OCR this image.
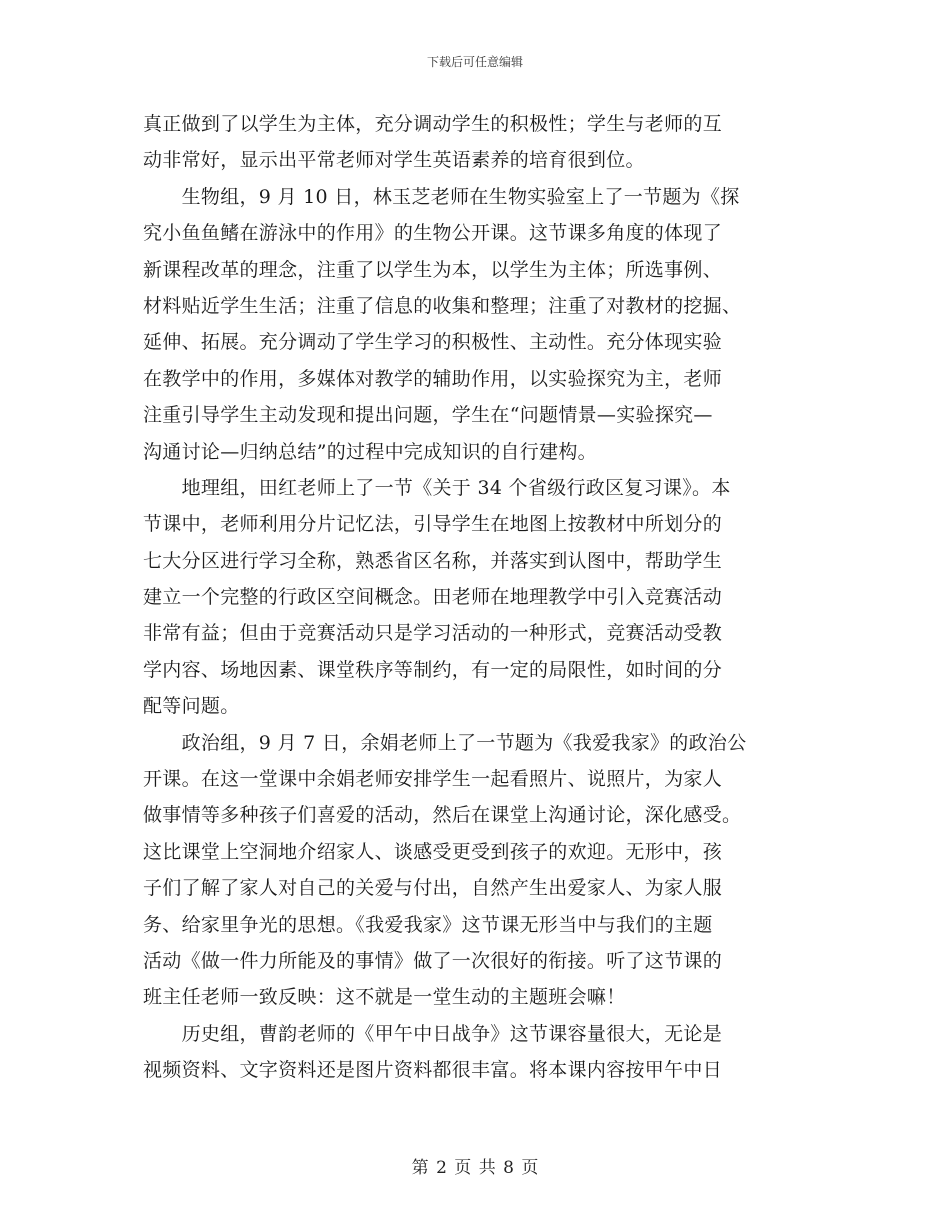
下载后可任意编辑
真正做到了以学生为主体，充分调动学生的积极性；学生与老师的互
动非常好，显示出平常老师对学生英语素养的培育很到位。
　　生物组，9 月 10 日，林玉芝老师在生物实验室上了一节题为《探
究小鱼鱼鳍在游泳中的作用》的生物公开课。这节课多角度的体现了
新课程改革的理念，注重了以学生为本，以学生为主体；所选事例、
材料贴近学生生活；注重了信息的收集和整理；注重了对教材的挖掘、
延伸、拓展。充分调动了学生学习的积极性、主动性。充分体现实验
在教学中的作用，多媒体对教学的辅助作用，以实验探究为主，老师
注重引导学生主动发现和提出问题，学生在“问题情景—实验探究—
沟通讨论—归纳总结”的过程中完成知识的自行建构。
　　地理组，田红老师上了一节《关于 34 个省级行政区复习课》。本
节课中，老师利用分片记忆法，引导学生在地图上按教材中所划分的
七大分区进行学习全称，熟悉省区名称，并落实到认图中，帮助学生
建立一个完整的行政区空间概念。田老师在地理教学中引入竞赛活动
非常有益；但由于竞赛活动只是学习活动的一种形式，竞赛活动受教
学内容、场地因素、课堂秩序等制约，有一定的局限性，如时间的分
配等问题。
　　政治组，9 月 7 日，余娟老师上了一节题为《我爱我家》的政治公
开课。在这一堂课中余娟老师安排学生一起看照片、说照片，为家人
做事情等多种孩子们喜爱的活动，然后在课堂上沟通讨论，深化感受。
这比课堂上空洞地介绍家人、谈感受更受到孩子的欢迎。无形中，孩
子们了解了家人对自己的关爱与付出，自然产生出爱家人、为家人服
务、给家里争光的思想。《我爱我家》这节课无形当中与我们的主题
活动《做一件力所能及的事情》做了一次很好的衔接。听了这节课的
班主任老师一致反映：这不就是一堂生动的主题班会嘛！
　　历史组，曹韵老师的《甲午中日战争》这节课容量很大，无论是
视频资料、文字资料还是图片资料都很丰富。将本课内容按甲午中日
第 2 页 共 8 页
